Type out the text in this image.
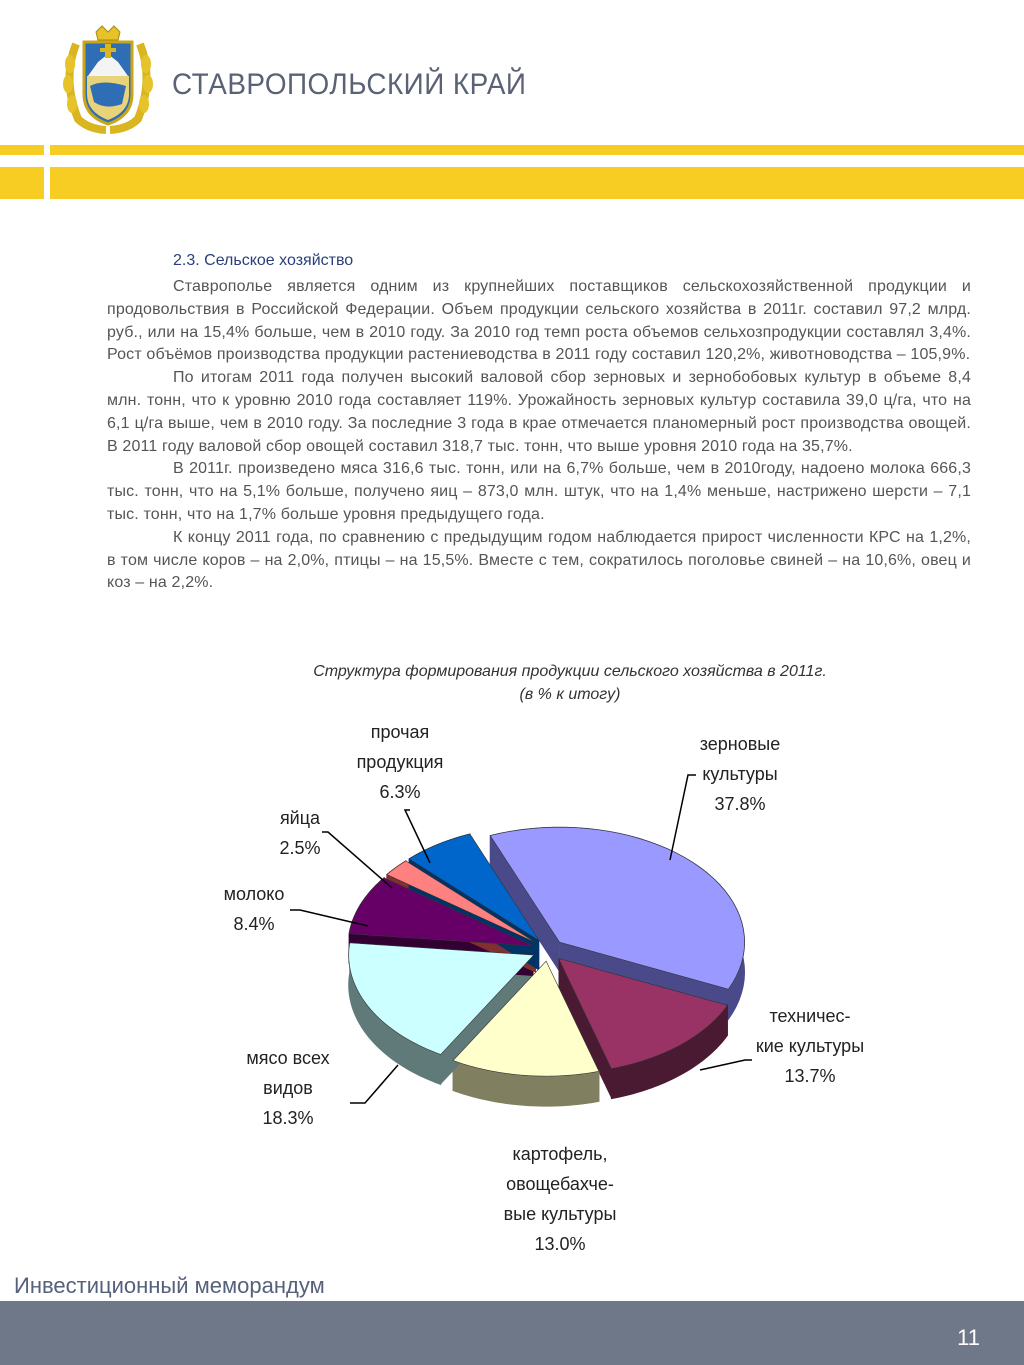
СТАВРОПОЛЬСКИЙ КРАЙ
2.3. Сельское хозяйство

Ставрополье является одним из крупнейших поставщиков сельскохозяйственной продукции и продовольствия в Российской Федерации. Объем продукции сельского хозяйства в 2011г. составил 97,2 млрд. руб., или на 15,4% больше, чем в 2010 году. За 2010 год темп роста объемов сельхозпродукции составлял 3,4%. Рост объёмов производства продукции растениеводства в 2011 году составил 120,2%, животноводства – 105,9%.

По итогам 2011 года получен высокий валовой сбор зерновых и зернобобовых культур в объеме 8,4 млн. тонн, что к уровню 2010 года составляет 119%. Урожайность зерновых культур составила 39,0 ц/га, что на 6,1 ц/га выше, чем в 2010 году. За последние 3 года в крае отмечается планомерный рост производства овощей. В 2011 году валовой сбор овощей составил 318,7 тыс. тонн, что выше уровня 2010 года на 35,7%.

В 2011г. произведено мяса 316,6 тыс. тонн, или на 6,7% больше, чем в 2010году, надоено молока 666,3 тыс. тонн, что на 5,1% больше, получено яиц – 873,0 млн. штук, что на 1,4% меньше, настрижено шерсти – 7,1 тыс. тонн, что на 1,7% больше уровня предыдущего года.

К концу 2011 года, по сравнению с предыдущим годом наблюдается прирост численности КРС на 1,2%, в том числе коров – на 2,0%, птицы – на 15,5%. Вместе с тем, сократилось поголовье свиней – на 10,6%, овец и коз – на 2,2%.

Структура формирования продукции сельского хозяйства в 2011г.
(в % к итогу)
зерновые
культуры
37.8%
техничес-
кие культуры
13.7%
картофель,
овощебахче-
вые культуры
13.0%
мясо всех
видов
18.3%
молоко
8.4%
яйца
2.5%
прочая
продукция
6.3%
Инвестиционный меморандум
11
